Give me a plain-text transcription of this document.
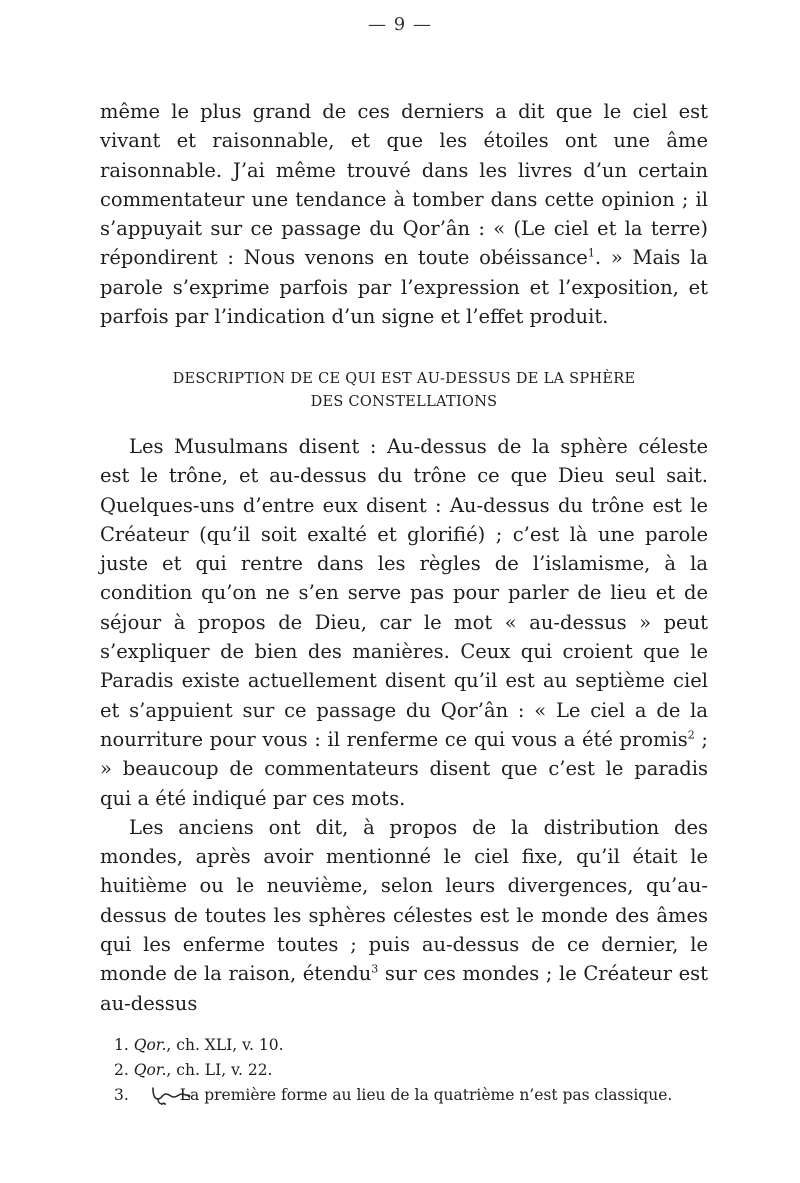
— 9 —

même le plus grand de ces derniers a dit que le ciel est vivant et raisonnable, et que les étoiles ont une âme raisonnable. J’ai même trouvé dans les livres d’un certain commentateur une tendance à tomber dans cette opinion ; il s’appuyait sur ce passage du Qor’ân : « (Le ciel et la terre) répondirent : Nous venons en toute obéissance$^1$. » Mais la parole s’exprime parfois par l’expression et l’exposition, et parfois par l’indication d’un signe et l’effet produit.

DESCRIPTION DE CE QUI EST AU-DESSUS DE LA SPHÈRE
DES CONSTELLATIONS

Les Musulmans disent : Au-dessus de la sphère céleste est le trône, et au-dessus du trône ce que Dieu seul sait. Quelques-uns d’entre eux disent : Au-dessus du trône est le Créateur (qu’il soit exalté et glorifié) ; c’est là une parole juste et qui rentre dans les règles de l’islamisme, à la condition qu’on ne s’en serve pas pour parler de lieu et de séjour à propos de Dieu, car le mot « au-dessus » peut s’expliquer de bien des manières. Ceux qui croient que le Paradis existe actuellement disent qu’il est au septième ciel et s’appuient sur ce passage du Qor’ân : « Le ciel a de la nourriture pour vous : il renferme ce qui vous a été promis$^2$ ; » beaucoup de commentateurs disent que c’est le paradis qui a été indiqué par ces mots.

Les anciens ont dit, à propos de la distribution des mondes, après avoir mentionné le ciel fixe, qu’il était le huitième ou le neuvième, selon leurs divergences, qu’au-dessus de toutes les sphères célestes est le monde des âmes qui les enferme toutes ; puis au-dessus de ce dernier, le monde de la raison, étendu$^3$ sur ces mondes ; le Créateur est au-dessus

1. Qor., ch. XLI, v. 10.
2. Qor., ch. LI, v. 22.
3.	La première forme au lieu de la quatrième n’est pas classique.
